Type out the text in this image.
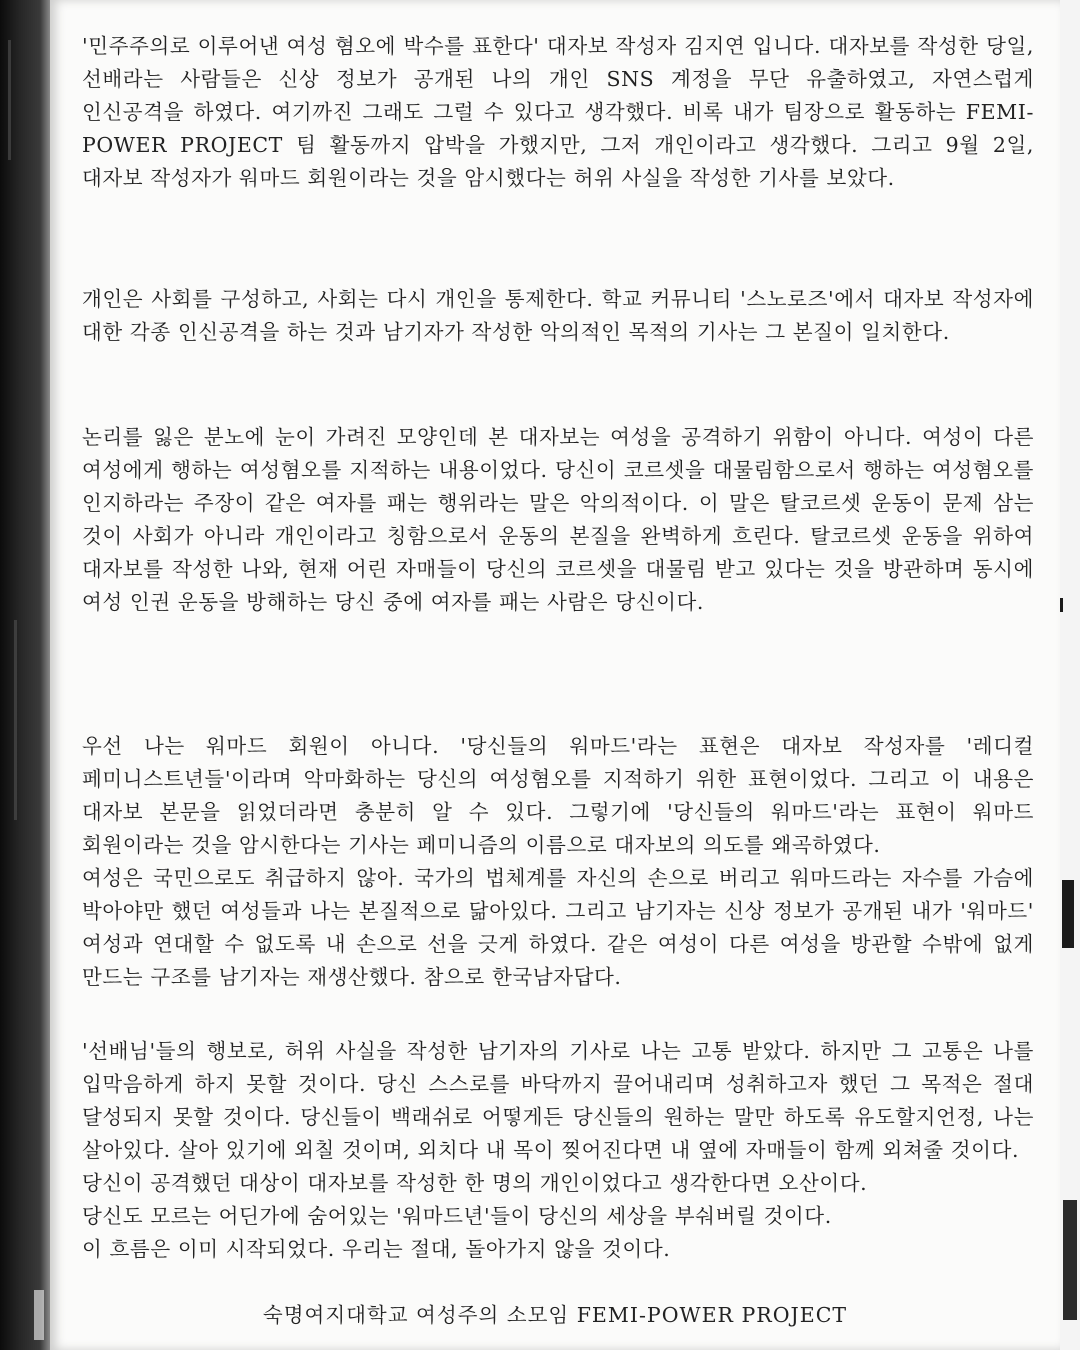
'민주주의로 이루어낸 여성 혐오에 박수를 표한다' 대자보 작성자 김지연 입니다. 대자보를 작성한 당일, 선배라는 사람들은 신상 정보가 공개된 나의 개인 SNS 계정을 무단 유출하였고, 자연스럽게 인신공격을 하였다. 여기까진 그래도 그럴 수 있다고 생각했다. 비록 내가 팀장으로 활동하는 FEMI-POWER PROJECT 팀 활동까지 압박을 가했지만, 그저 개인이라고 생각했다. 그리고 9월 2일, 대자보 작성자가 워마드 회원이라는 것을 암시했다는 허위 사실을 작성한 기사를 보았다.

개인은 사회를 구성하고, 사회는 다시 개인을 통제한다. 학교 커뮤니티 '스노로즈'에서 대자보 작성자에 대한 각종 인신공격을 하는 것과 남기자가 작성한 악의적인 목적의 기사는 그 본질이 일치한다.

논리를 잃은 분노에 눈이 가려진 모양인데 본 대자보는 여성을 공격하기 위함이 아니다. 여성이 다른 여성에게 행하는 여성혐오를 지적하는 내용이었다. 당신이 코르셋을 대물림함으로서 행하는 여성혐오를 인지하라는 주장이 같은 여자를 패는 행위라는 말은 악의적이다. 이 말은 탈코르셋 운동이 문제 삼는 것이 사회가 아니라 개인이라고 칭함으로서 운동의 본질을 완벽하게 흐린다. 탈코르셋 운동을 위하여 대자보를 작성한 나와, 현재 어린 자매들이 당신의 코르셋을 대물림 받고 있다는 것을 방관하며 동시에 여성 인권 운동을 방해하는 당신 중에 여자를 패는 사람은 당신이다.

우선 나는 워마드 회원이 아니다. '당신들의 워마드'라는 표현은 대자보 작성자를 '레디컬 페미니스트년들'이라며 악마화하는 당신의 여성혐오를 지적하기 위한 표현이었다. 그리고 이 내용은 대자보 본문을 읽었더라면 충분히 알 수 있다. 그렇기에 '당신들의 워마드'라는 표현이 워마드 회원이라는 것을 암시한다는 기사는 페미니즘의 이름으로 대자보의 의도를 왜곡하였다.
여성은 국민으로도 취급하지 않아. 국가의 법체계를 자신의 손으로 버리고 워마드라는 자수를 가슴에 박아야만 했던 여성들과 나는 본질적으로 닮아있다. 그리고 남기자는 신상 정보가 공개된 내가 '워마드' 여성과 연대할 수 없도록 내 손으로 선을 긋게 하였다. 같은 여성이 다른 여성을 방관할 수밖에 없게 만드는 구조를 남기자는 재생산했다. 참으로 한국남자답다.

'선배님'들의 행보로, 허위 사실을 작성한 남기자의 기사로 나는 고통 받았다. 하지만 그 고통은 나를 입막음하게 하지 못할 것이다. 당신 스스로를 바닥까지 끌어내리며 성취하고자 했던 그 목적은 절대 달성되지 못할 것이다. 당신들이 백래쉬로 어떻게든 당신들의 원하는 말만 하도록 유도할지언정, 나는 살아있다. 살아 있기에 외칠 것이며, 외치다 내 목이 찢어진다면 내 옆에 자매들이 함께 외쳐줄 것이다.
당신이 공격했던 대상이 대자보를 작성한 한 명의 개인이었다고 생각한다면 오산이다.
당신도 모르는 어딘가에 숨어있는 '워마드년'들이 당신의 세상을 부숴버릴 것이다.
이 흐름은 이미 시작되었다. 우리는 절대, 돌아가지 않을 것이다.

숙명여지대학교 여성주의 소모임 FEMI-POWER PROJECT
